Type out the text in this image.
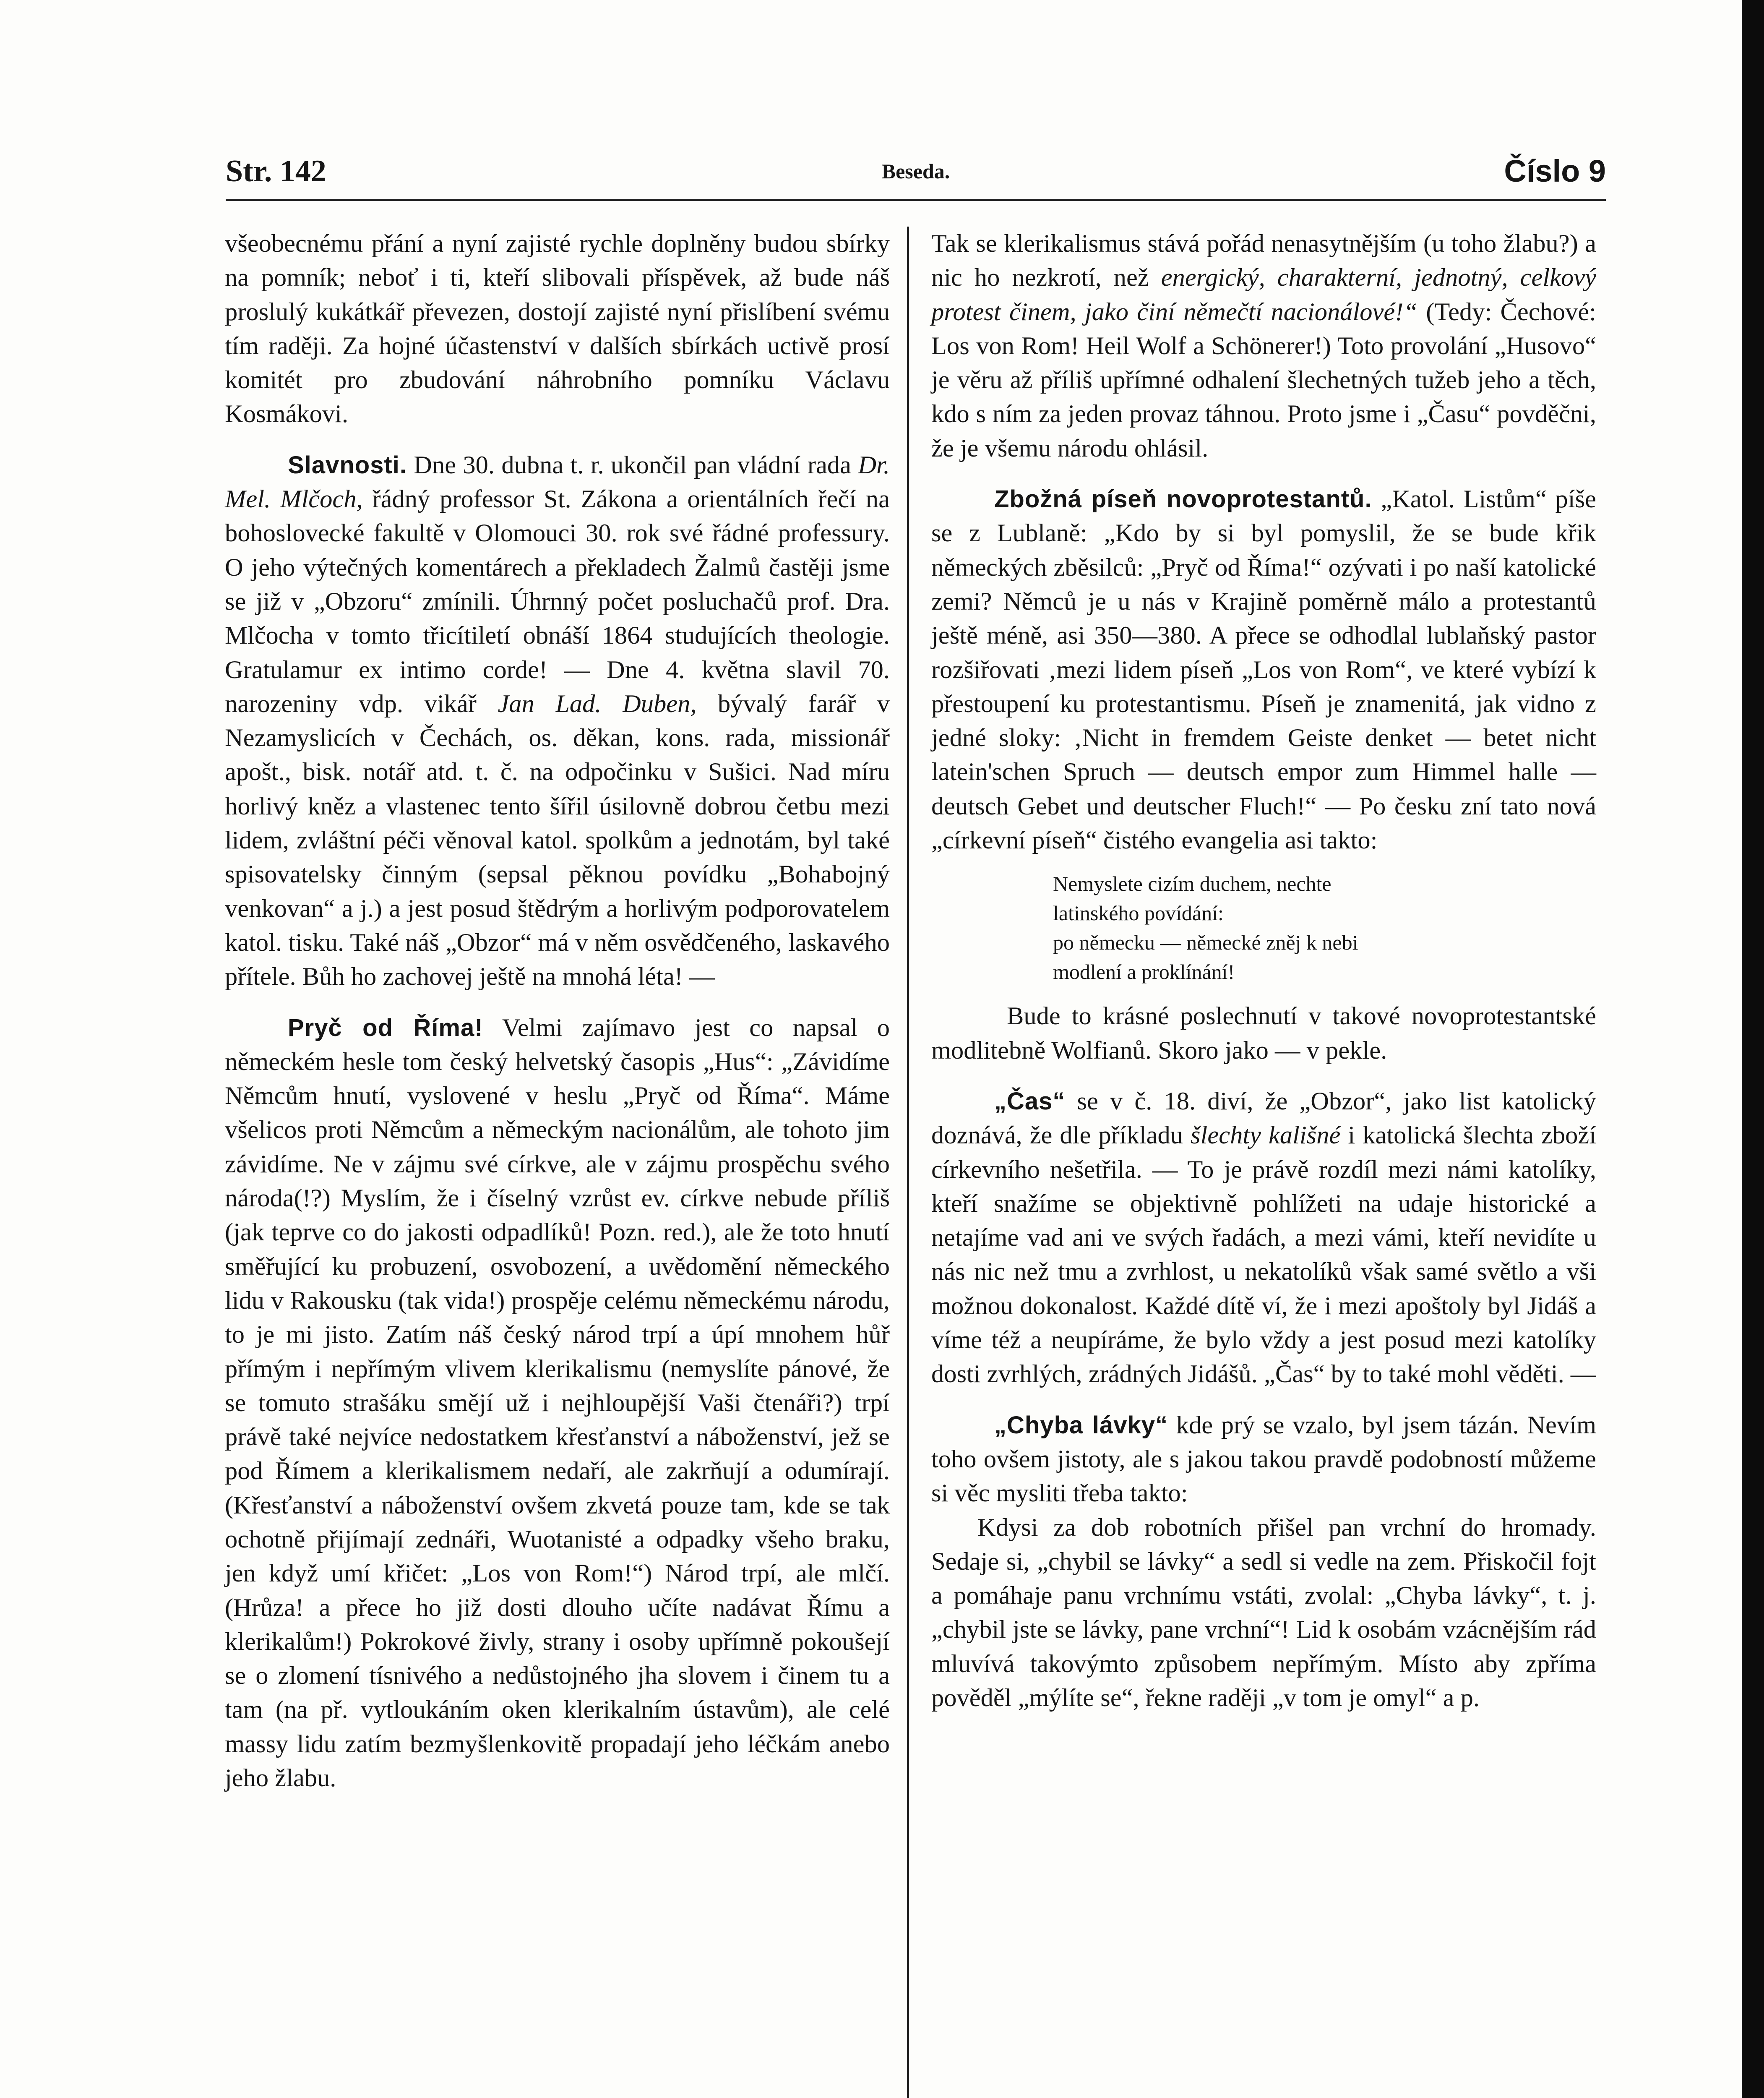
Beseda.
Str. 142	Číslo 9

všeobecnému přání a nyní zajisté rychle doplněny budou sbírky na pomník; neboť i ti, kteří slibovali příspěvek, až bude náš proslulý kukátkář převezen, dostojí zajisté nyní přislíbení svému tím raději. Za hojné účastenství v dalších sbírkách uctivě prosí komitét pro zbudování náhrobního pomníku Václavu Kosmákovi.

Slavnosti. Dne 30. dubna t. r. ukončil pan vládní rada Dr. Mel. Mlčoch, řádný professor St. Zákona a orientálních řečí na bohoslovecké fakultě v Olomouci 30. rok své řádné professury. O jeho výtečných komentárech a překladech Žalmů častěji jsme se již v „Obzoru“ zmínili. Úhrnný počet posluchačů prof. Dra. Mlčocha v tomto třicítiletí obnáší 1864 studujících theologie. Gratulamur ex intimo corde! — Dne 4. května slavil 70. narozeniny vdp. vikář Jan Lad. Duben, bývalý farář v Nezamyslicích v Čechách, os. děkan, kons. rada, missionář apošt., bisk. notář atd. t. č. na odpočinku v Sušici. Nad míru horlivý kněz a vlastenec tento šířil úsilovně dobrou četbu mezi lidem, zvláštní péči věnoval katol. spolkům a jednotám, byl také spisovatelsky činným (sepsal pěknou povídku „Bohabojný venkovan“ a j.) a jest posud štědrým a horlivým podporovatelem katol. tisku. Také náš „Obzor“ má v něm osvědčeného, laskavého přítele. Bůh ho zachovej ještě na mnohá léta! —

Pryč od Říma! Velmi zajímavo jest co napsal o německém hesle tom český helvetský časopis „Hus“: „Závidíme Němcům hnutí, vyslovené v heslu „Pryč od Říma“. Máme všelicos proti Němcům a německým nacionálům, ale tohoto jim závidíme. Ne v zájmu své církve, ale v zájmu prospěchu svého národa(!?) Myslím, že i číselný vzrůst ev. církve nebude příliš (jak teprve co do jakosti odpadlíků! Pozn. red.), ale že toto hnutí směřující ku probuzení, osvobození, a uvědomění německého lidu v Rakousku (tak vida!) prospěje celému německému národu, to je mi jisto. Zatím náš český národ trpí a úpí mnohem hůř přímým i nepřímým vlivem klerikalismu (nemyslíte pánové, že se tomuto strašáku smějí už i nejhloupější Vaši čtenáři?) trpí právě také nejvíce nedostatkem křesťanství a náboženství, jež se pod Římem a klerikalismem nedaří, ale zakrňují a odumírají. (Křesťanství a náboženství ovšem zkvetá pouze tam, kde se tak ochotně přijímají zednáři, Wuotanisté a odpadky všeho braku, jen když umí křičet: „Los von Rom!“) Národ trpí, ale mlčí. (Hrůza! a přece ho již dosti dlouho učíte nadávat Římu a klerikalům!) Pokrokové živly, strany i osoby upřímně pokoušejí se o zlomení tísnivého a nedůstojného jha slovem i činem tu a tam (na př. vytloukáním oken klerikalním ústavům), ale celé massy lidu zatím bezmyšlenkovitě propadají jeho léčkám anebo jeho žlabu.

Tak se klerikalismus stává pořád nenasytnějším (u toho žlabu?) a nic ho nezkrotí, než energický, charakterní, jednotný, celkový protest činem, jako činí němečtí nacionálové!“ (Tedy: Čechové: Los von Rom! Heil Wolf a Schönerer!) Toto provolání „Husovo“ je věru až příliš upřímné odhalení šlechetných tužeb jeho a těch, kdo s ním za jeden provaz táhnou. Proto jsme i „Času“ povděčni, že je všemu národu ohlásil.

Zbožná píseň novoprotestantů. „Katol. Listům“ píše se z Lublaně: „Kdo by si byl pomyslil, že se bude křik německých zběsilců: „Pryč od Říma!“ ozývati i po naší katolické zemi? Němců je u nás v Krajině poměrně málo a protestantů ještě méně, asi 350—380. A přece se odhodlal lublaňský pastor rozšiřovati ‚mezi lidem píseň „Los von Rom“, ve které vybízí k přestoupení ku protestantismu. Píseň je znamenitá, jak vidno z jedné sloky: ‚Nicht in fremdem Geiste denket — betet nicht latein'schen Spruch — deutsch empor zum Himmel halle — deutsch Gebet und deutscher Fluch!“ — Po česku zní tato nová „církevní píseň“ čistého evangelia asi takto:

Nemyslete cizím duchem, nechte

latinského povídání:

po německu — německé zněj k nebi

modlení a proklínání!

Bude to krásné poslechnutí v takové novoprotestantské modlitebně Wolfianů. Skoro jako — v pekle.

„Čas“ se v č. 18. diví, že „Obzor“, jako list katolický doznává, že dle příkladu šlechty kališné i katolická šlechta zboží církevního nešetřila. — To je právě rozdíl mezi námi katolíky, kteří snažíme se objektivně pohlížeti na udaje historické a netajíme vad ani ve svých řadách, a mezi vámi, kteří nevidíte u nás nic než tmu a zvrhlost, u nekatolíků však samé světlo a vši možnou dokonalost. Každé dítě ví, že i mezi apoštoly byl Jidáš a víme též a neupíráme, že bylo vždy a jest posud mezi katolíky dosti zvrhlých, zrádných Jidášů. „Čas“ by to také mohl věděti. —

„Chyba lávky“ kde prý se vzalo, byl jsem tázán. Nevím toho ovšem jistoty, ale s jakou takou pravdě podobností můžeme si věc mysliti třeba takto:

Kdysi za dob robotních přišel pan vrchní do hromady. Sedaje si, „chybil se lávky“ a sedl si vedle na zem. Přiskočil fojt a pomáhaje panu vrchnímu vstáti, zvolal: „Chyba lávky“, t. j. „chybil jste se lávky, pane vrchní“! Lid k osobám vzácnějším rád mluvívá takovýmto způsobem nepřímým. Místo aby zpříma pověděl „mýlíte se“, řekne raději „v tom je omyl“ a p.
